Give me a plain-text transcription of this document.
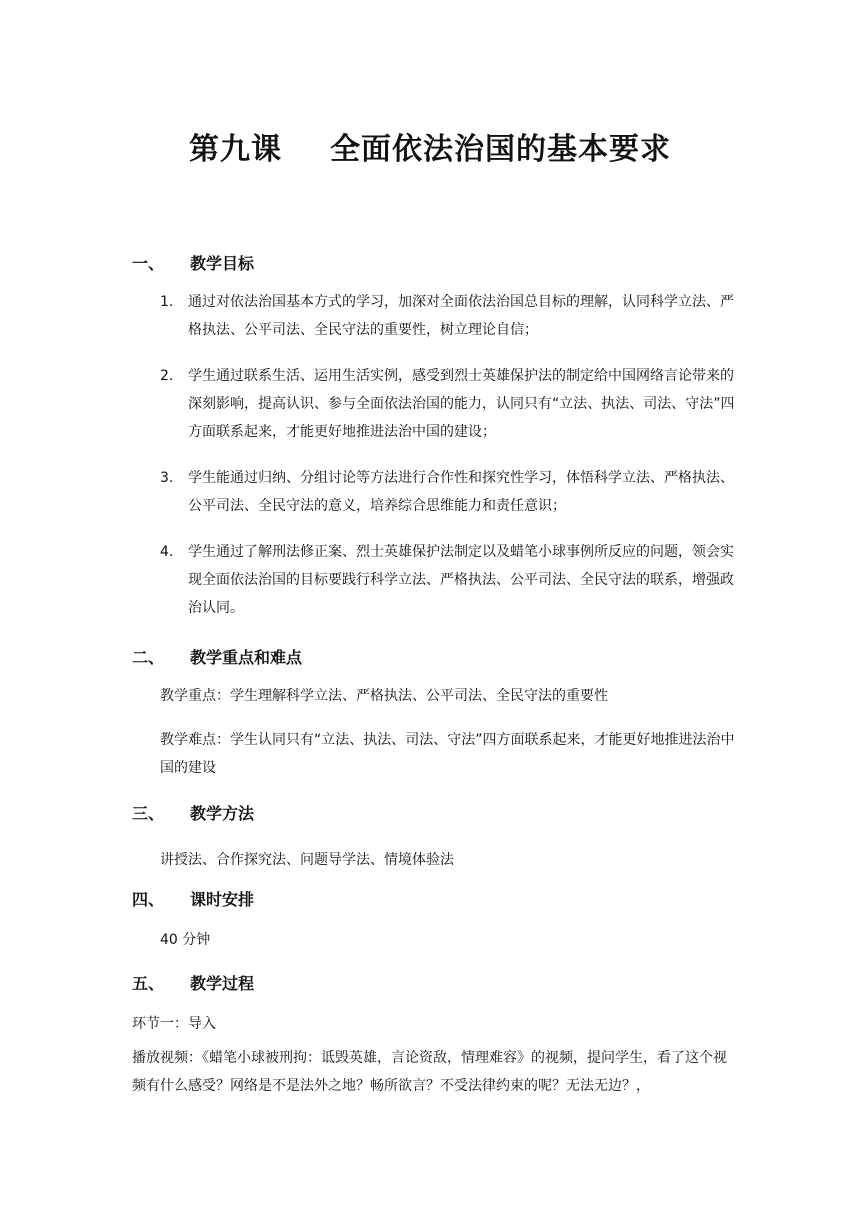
第九课 全面依法治国的基本要求
一、 教学目标
1.	通过对依法治国基本方式的学习，加深对全面依法治国总目标的理解，认同科学立法、严格执法、公平司法、全民守法的重要性，树立理论自信；
2.	学生通过联系生活、运用生活实例，感受到烈士英雄保护法的制定给中国网络言论带来的深刻影响，提高认识、参与全面依法治国的能力，认同只有“立法、执法、司法、守法”四方面联系起来，才能更好地推进法治中国的建设；
3.	学生能通过归纳、分组讨论等方法进行合作性和探究性学习，体悟科学立法、严格执法、公平司法、全民守法的意义，培养综合思维能力和责任意识；
4.	学生通过了解刑法修正案、烈士英雄保护法制定以及蜡笔小球事例所反应的问题，领会实现全面依法治国的目标要践行科学立法、严格执法、公平司法、全民守法的联系，增强政治认同。
二、 教学重点和难点
教学重点：学生理解科学立法、严格执法、公平司法、全民守法的重要性
教学难点：学生认同只有“立法、执法、司法、守法”四方面联系起来，才能更好地推进法治中国的建设
三、 教学方法
讲授法、合作探究法、问题导学法、情境体验法
四、 课时安排
40 分钟
五、 教学过程
环节一：导入
播放视频：《蜡笔小球被刑拘：诋毁英雄，言论资敌，情理难容》的视频，提问学生，看了这个视频有什么感受？网络是不是法外之地？畅所欲言？不受法律约束的呢？无法无边？，
